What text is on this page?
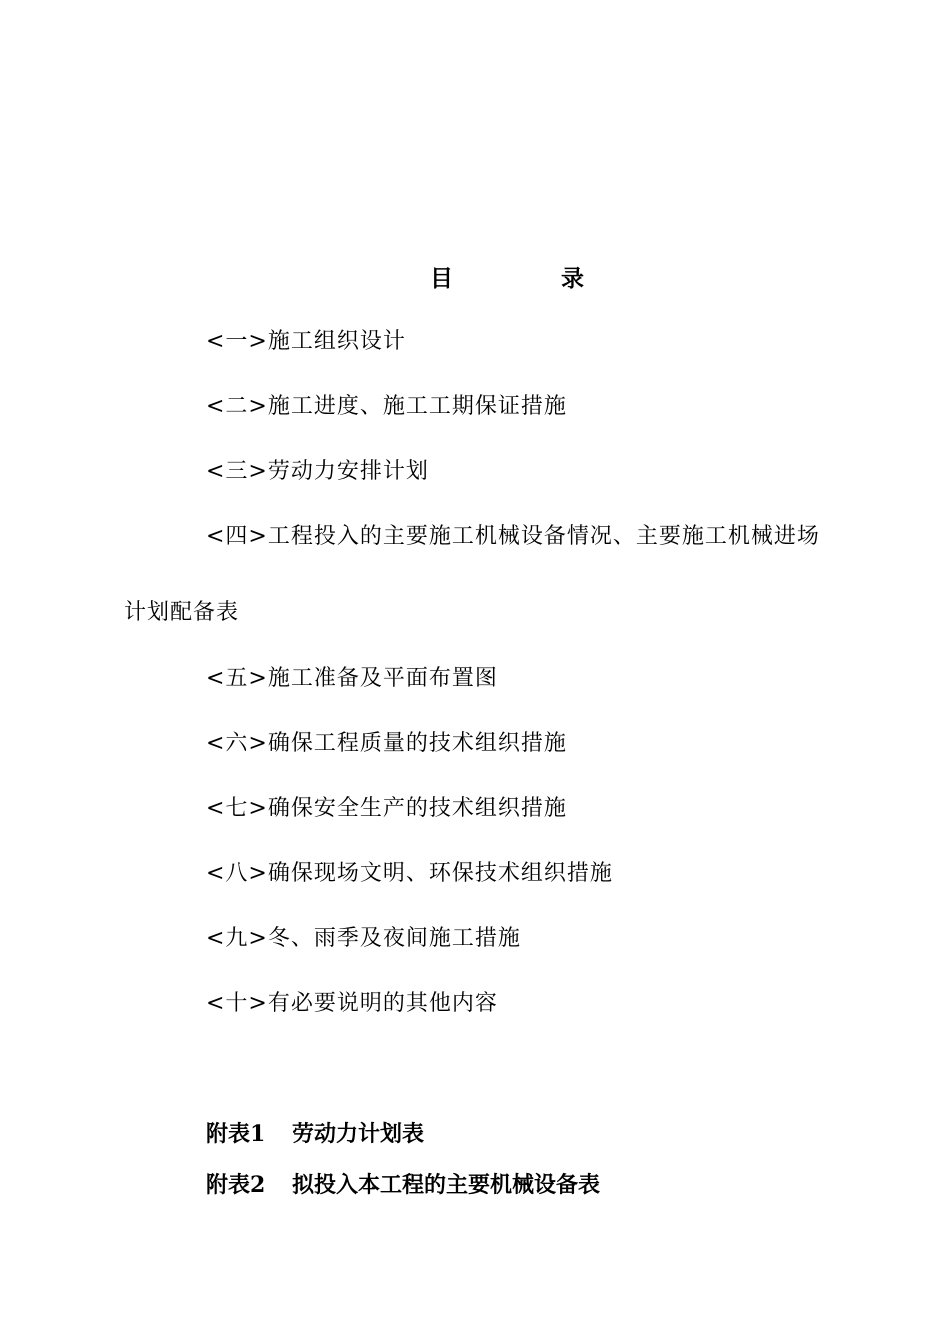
目	录
<一>施工组织设计
<二>施工进度、施工工期保证措施
<三>劳动力安排计划
<四>工程投入的主要施工机械设备情况、主要施工机械进场
计划配备表
<五>施工准备及平面布置图
<六>确保工程质量的技术组织措施
<七>确保安全生产的技术组织措施
<八>确保现场文明、环保技术组织措施
<九>冬、雨季及夜间施工措施
<十>有必要说明的其他内容
附表1 劳动力计划表
附表2 拟投入本工程的主要机械设备表
